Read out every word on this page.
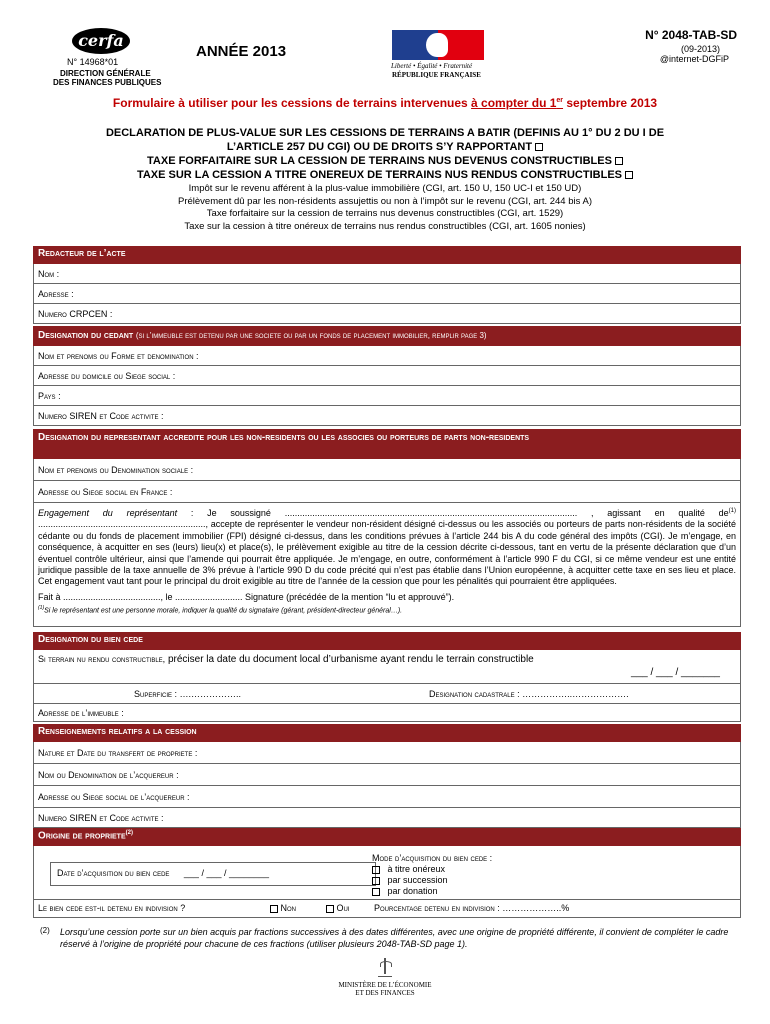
cerfa
N° 14968*01
DIRECTION GÉNÉRALE
DES FINANCES PUBLIQUES
ANNÉE 2013
Liberté • Égalité • Fraternité
RÉPUBLIQUE FRANÇAISE
N° 2048-TAB-SD
(09-2013)
@internet-DGFiP
Formulaire à utiliser pour les cessions de terrains intervenues à compter du 1er septembre 2013
DECLARATION DE PLUS-VALUE SUR LES CESSIONS DE TERRAINS A BATIR (DEFINIS AU 1° DU 2 DU I DE
L’ARTICLE 257 DU CGI) OU DE DROITS S’Y RAPPORTANT
TAXE FORFAITAIRE SUR LA CESSION DE TERRAINS NUS DEVENUS CONSTRUCTIBLES
TAXE SUR LA CESSION A TITRE ONEREUX DE TERRAINS NUS RENDUS CONSTRUCTIBLES
Impôt sur le revenu afférent à la plus-value immobilière (CGI, art. 150 U, 150 UC-I et 150 UD)
Prélèvement dû par les non-résidents assujettis ou non à l’impôt sur le revenu (CGI, art. 244 bis A)
Taxe forfaitaire sur la cession de terrains nus devenus constructibles (CGI, art. 1529)
Taxe sur la cession à titre onéreux de terrains nus rendus constructibles (CGI, art. 1605 nonies)
Redacteur de l’acte
Nom :
Adresse :
Numero CRPCEN :
Designation du cedant (si l’immeuble est detenu par une societe ou par un fonds de placement immobilier, remplir page 3)
Nom et prenoms ou Forme et denomination :
Adresse du domicile ou Siege social :
Pays :
Numero SIREN et Code activite :
Designation du representant accredite pour les non-residents ou les associes ou porteurs de parts non-residents
Nom et prenoms ou Denomination sociale :
Adresse ou Siege social en France :
Engagement du représentant : Je soussigné ..................................................................................................................... , agissant en qualité $de^{(1)}$ ..................................................................., accepte de représenter le vendeur non-résident désigné ci-dessus ou les associés ou porteurs de parts non-résidents de la société cédante ou du fonds de placement immobilier (FPI) désigné ci-dessus, dans les conditions prévues à l’article 244 bis A du code général des impôts (CGI). Je m’engage, en conséquence, à acquitter en ses (leurs) lieu(x) et place(s), le prélèvement exigible au titre de la cession décrite ci-dessous, tant en vertu de la présente déclaration que d’un éventuel contrôle ultérieur, ainsi que l’amende qui pourrait être appliquée. Je m’engage, en outre, conformément à l’article 990 F du CGI, si ce même vendeur est une entité juridique passible de la taxe annuelle de 3% prévue à l’article 990 D du code précité qui n’est pas établie dans l’Union européenne, à acquitter cette taxe en ses lieu et place. Cet engagement vaut tant pour le principal du droit exigible au titre de l’année de la cession que pour les pénalités qui pourraient être appliquées.
Fait à ......................................., le ........................... Signature (précédée de la mention “lu et approuvé”).
$^{(1)}$Si le représentant est une personne morale, indiquer la qualité du signataire (gérant, président-directeur général…).
Designation du bien cede
Si terrain nu rendu constructible, préciser la date du document local d’urbanisme ayant rendu le terrain constructible
___ / ___ / _______
Superficie : ….……………..	Designation cadastrale : ……………..……………….
Adresse de l’immeuble :
Renseignements relatifs a la cession
Nature et Date du transfert de propriete :
Nom ou Denomination de l’acquereur :
Adresse ou Siege social de l’acquereur :
Numero SIREN et Code activite :
Origine de propriete$^{(2)}$
Date d’acquisition du bien cede ___ / ___ / ________
Mode d’acquisition du bien cede :
à titre onéreux
par succession
par donation
Le bien cede est-il detenu en indivision ?	Non	Oui	Pourcentage detenu en indivision : ………………..%
(2) Lorsqu’une cession porte sur un bien acquis par fractions successives à des dates différentes, avec une origine de propriété différente, il convient de compléter le cadre réservé à l’origine de propriété pour chacune de ces fractions (utiliser plusieurs 2048-TAB-SD page 1).
MINISTÈRE DE L’ÉCONOMIE
ET DES FINANCES
